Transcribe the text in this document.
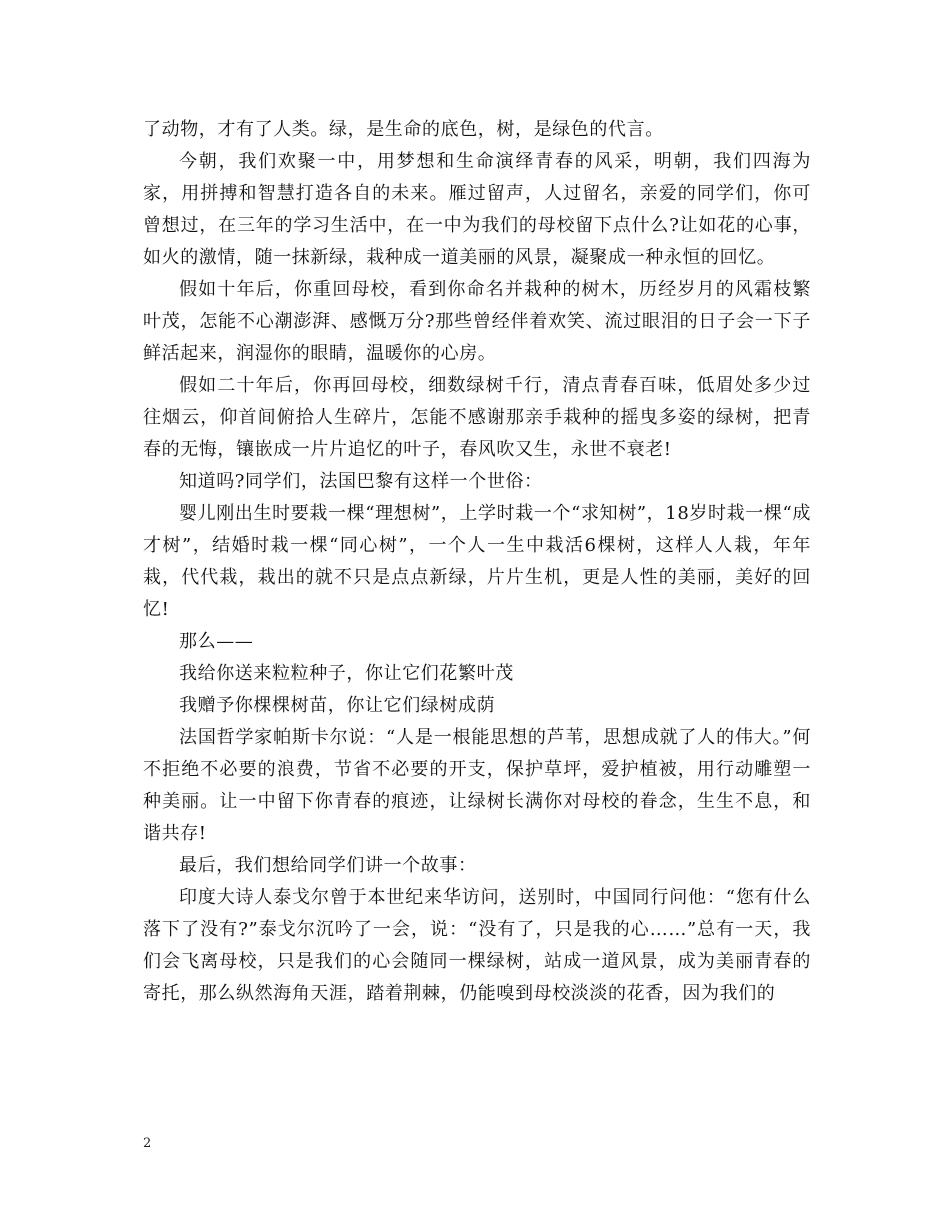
了动物，才有了人类。绿，是生命的底色，树，是绿色的代言。

今朝，我们欢聚一中，用梦想和生命演绎青春的风采，明朝，我们四海为家，用拼搏和智慧打造各自的未来。雁过留声，人过留名，亲爱的同学们，你可曾想过，在三年的学习生活中，在一中为我们的母校留下点什么?让如花的心事，如火的激情，随一抹新绿，栽种成一道美丽的风景，凝聚成一种永恒的回忆。

假如十年后，你重回母校，看到你命名并栽种的树木，历经岁月的风霜枝繁叶茂，怎能不心潮澎湃、感慨万分?那些曾经伴着欢笑、流过眼泪的日子会一下子鲜活起来，润湿你的眼睛，温暖你的心房。

假如二十年后，你再回母校，细数绿树千行，清点青春百味，低眉处多少过往烟云，仰首间俯拾人生碎片，怎能不感谢那亲手栽种的摇曳多姿的绿树，把青春的无悔，镶嵌成一片片追忆的叶子，春风吹又生，永世不衰老!

知道吗?同学们，法国巴黎有这样一个世俗：

婴儿刚出生时要栽一棵“理想树”，上学时栽一个“求知树”，18岁时栽一棵“成才树”，结婚时栽一棵“同心树”，一个人一生中栽活6棵树，这样人人栽，年年栽，代代栽，栽出的就不只是点点新绿，片片生机，更是人性的美丽，美好的回忆!

那么——

我给你送来粒粒种子，你让它们花繁叶茂

我赠予你棵棵树苗，你让它们绿树成荫

法国哲学家帕斯卡尔说：“人是一根能思想的芦苇，思想成就了人的伟大。”何不拒绝不必要的浪费，节省不必要的开支，保护草坪，爱护植被，用行动雕塑一种美丽。让一中留下你青春的痕迹，让绿树长满你对母校的眷念，生生不息，和谐共存!

最后，我们想给同学们讲一个故事：

印度大诗人泰戈尔曾于本世纪来华访问，送别时，中国同行问他：“您有什么落下了没有?”泰戈尔沉吟了一会，说：“没有了，只是我的心……”总有一天，我们会飞离母校，只是我们的心会随同一棵绿树，站成一道风景，成为美丽青春的寄托，那么纵然海角天涯，踏着荆棘，仍能嗅到母校淡淡的花香，因为我们的

2
